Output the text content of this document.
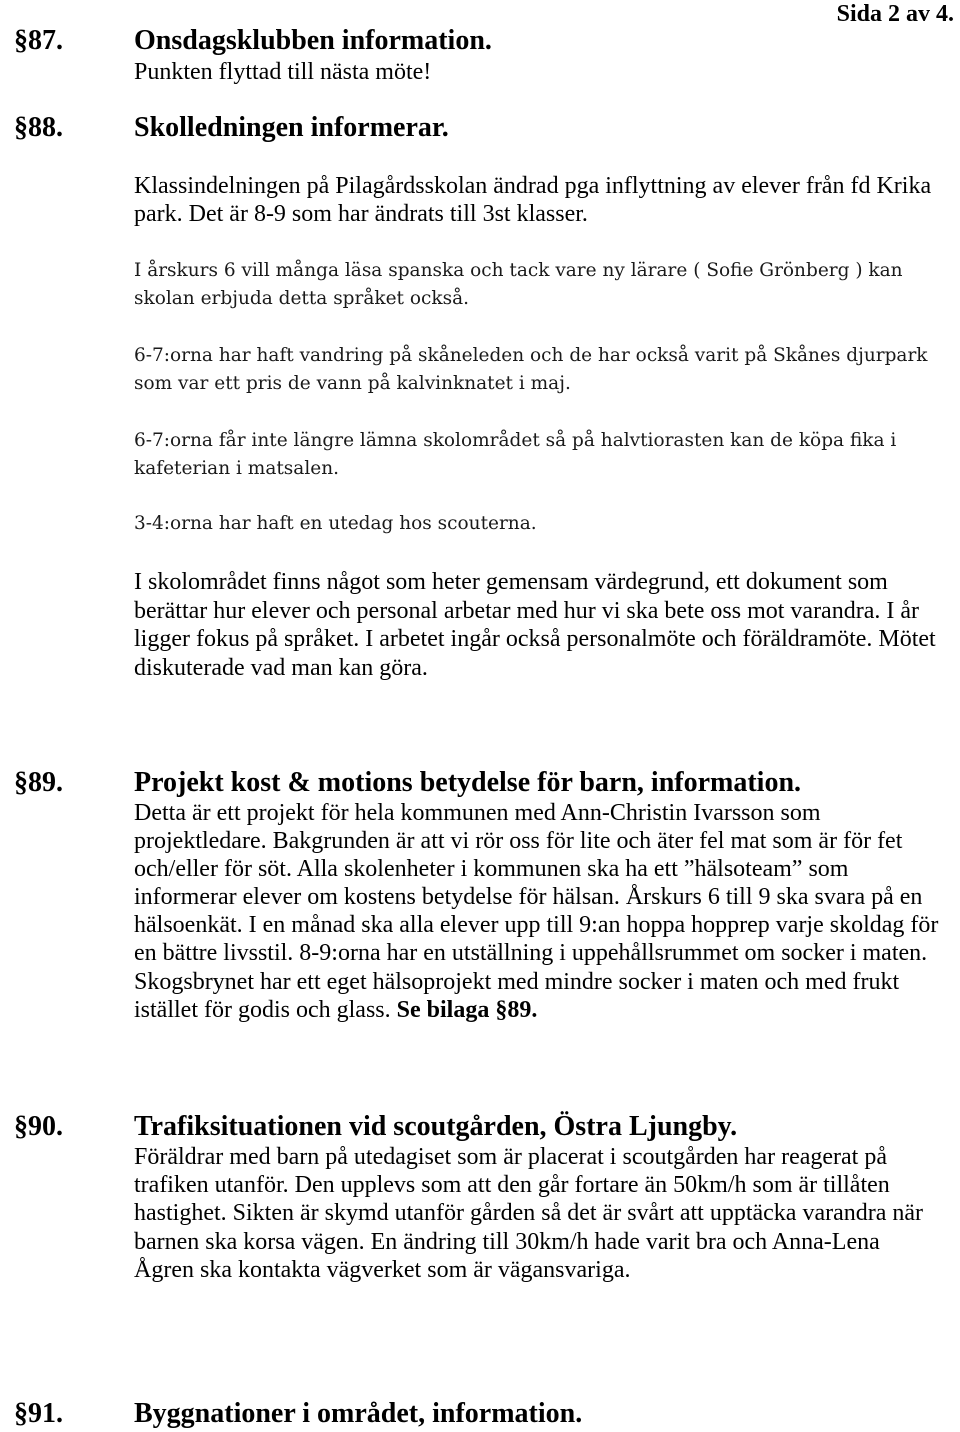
Sida 2 av 4.
§87.	Onsdagsklubben information.
Punkten flyttad till nästa möte!
§88.	Skolledningen informerar.
Klassindelningen på Pilagårdsskolan ändrad pga inflyttning av elever från fd Krika
park. Det är 8-9 som har ändrats till 3st klasser.
I årskurs 6 vill många läsa spanska och tack vare ny lärare ( Sofie Grönberg ) kan
skolan erbjuda detta språket också.
6-7:orna har haft vandring på skåneleden och de har också varit på Skånes djurpark
som var ett pris de vann på kalvinknatet i maj.
6-7:orna får inte längre lämna skolområdet så på halvtiorasten kan de köpa fika i
kafeterian i matsalen.
3-4:orna har haft en utedag hos scouterna.
I skolområdet finns något som heter gemensam värdegrund, ett dokument som
berättar hur elever och personal arbetar med hur vi ska bete oss mot varandra. I år
ligger fokus på språket. I arbetet ingår också personalmöte och föräldramöte. Mötet
diskuterade vad man kan göra.
§89.	Projekt kost & motions betydelse för barn, information.
Detta är ett projekt för hela kommunen med Ann-Christin Ivarsson som
projektledare. Bakgrunden är att vi rör oss för lite och äter fel mat som är för fet
och/eller för söt. Alla skolenheter i kommunen ska ha ett ”hälsoteam” som
informerar elever om kostens betydelse för hälsan. Årskurs 6 till 9 ska svara på en
hälsoenkät. I en månad ska alla elever upp till 9:an hoppa hopprep varje skoldag för
en bättre livsstil. 8-9:orna har en utställning i uppehållsrummet om socker i maten.
Skogsbrynet har ett eget hälsoprojekt med mindre socker i maten och med frukt
istället för godis och glass. Se bilaga §89.
§90.	Trafiksituationen vid scoutgården, Östra Ljungby.
Föräldrar med barn på utedagiset som är placerat i scoutgården har reagerat på
trafiken utanför. Den upplevs som att den går fortare än 50km/h som är tillåten
hastighet. Sikten är skymd utanför gården så det är svårt att upptäcka varandra när
barnen ska korsa vägen. En ändring till 30km/h hade varit bra och Anna-Lena
Ågren ska kontakta vägverket som är vägansvariga.
§91.	Byggnationer i området, information.
